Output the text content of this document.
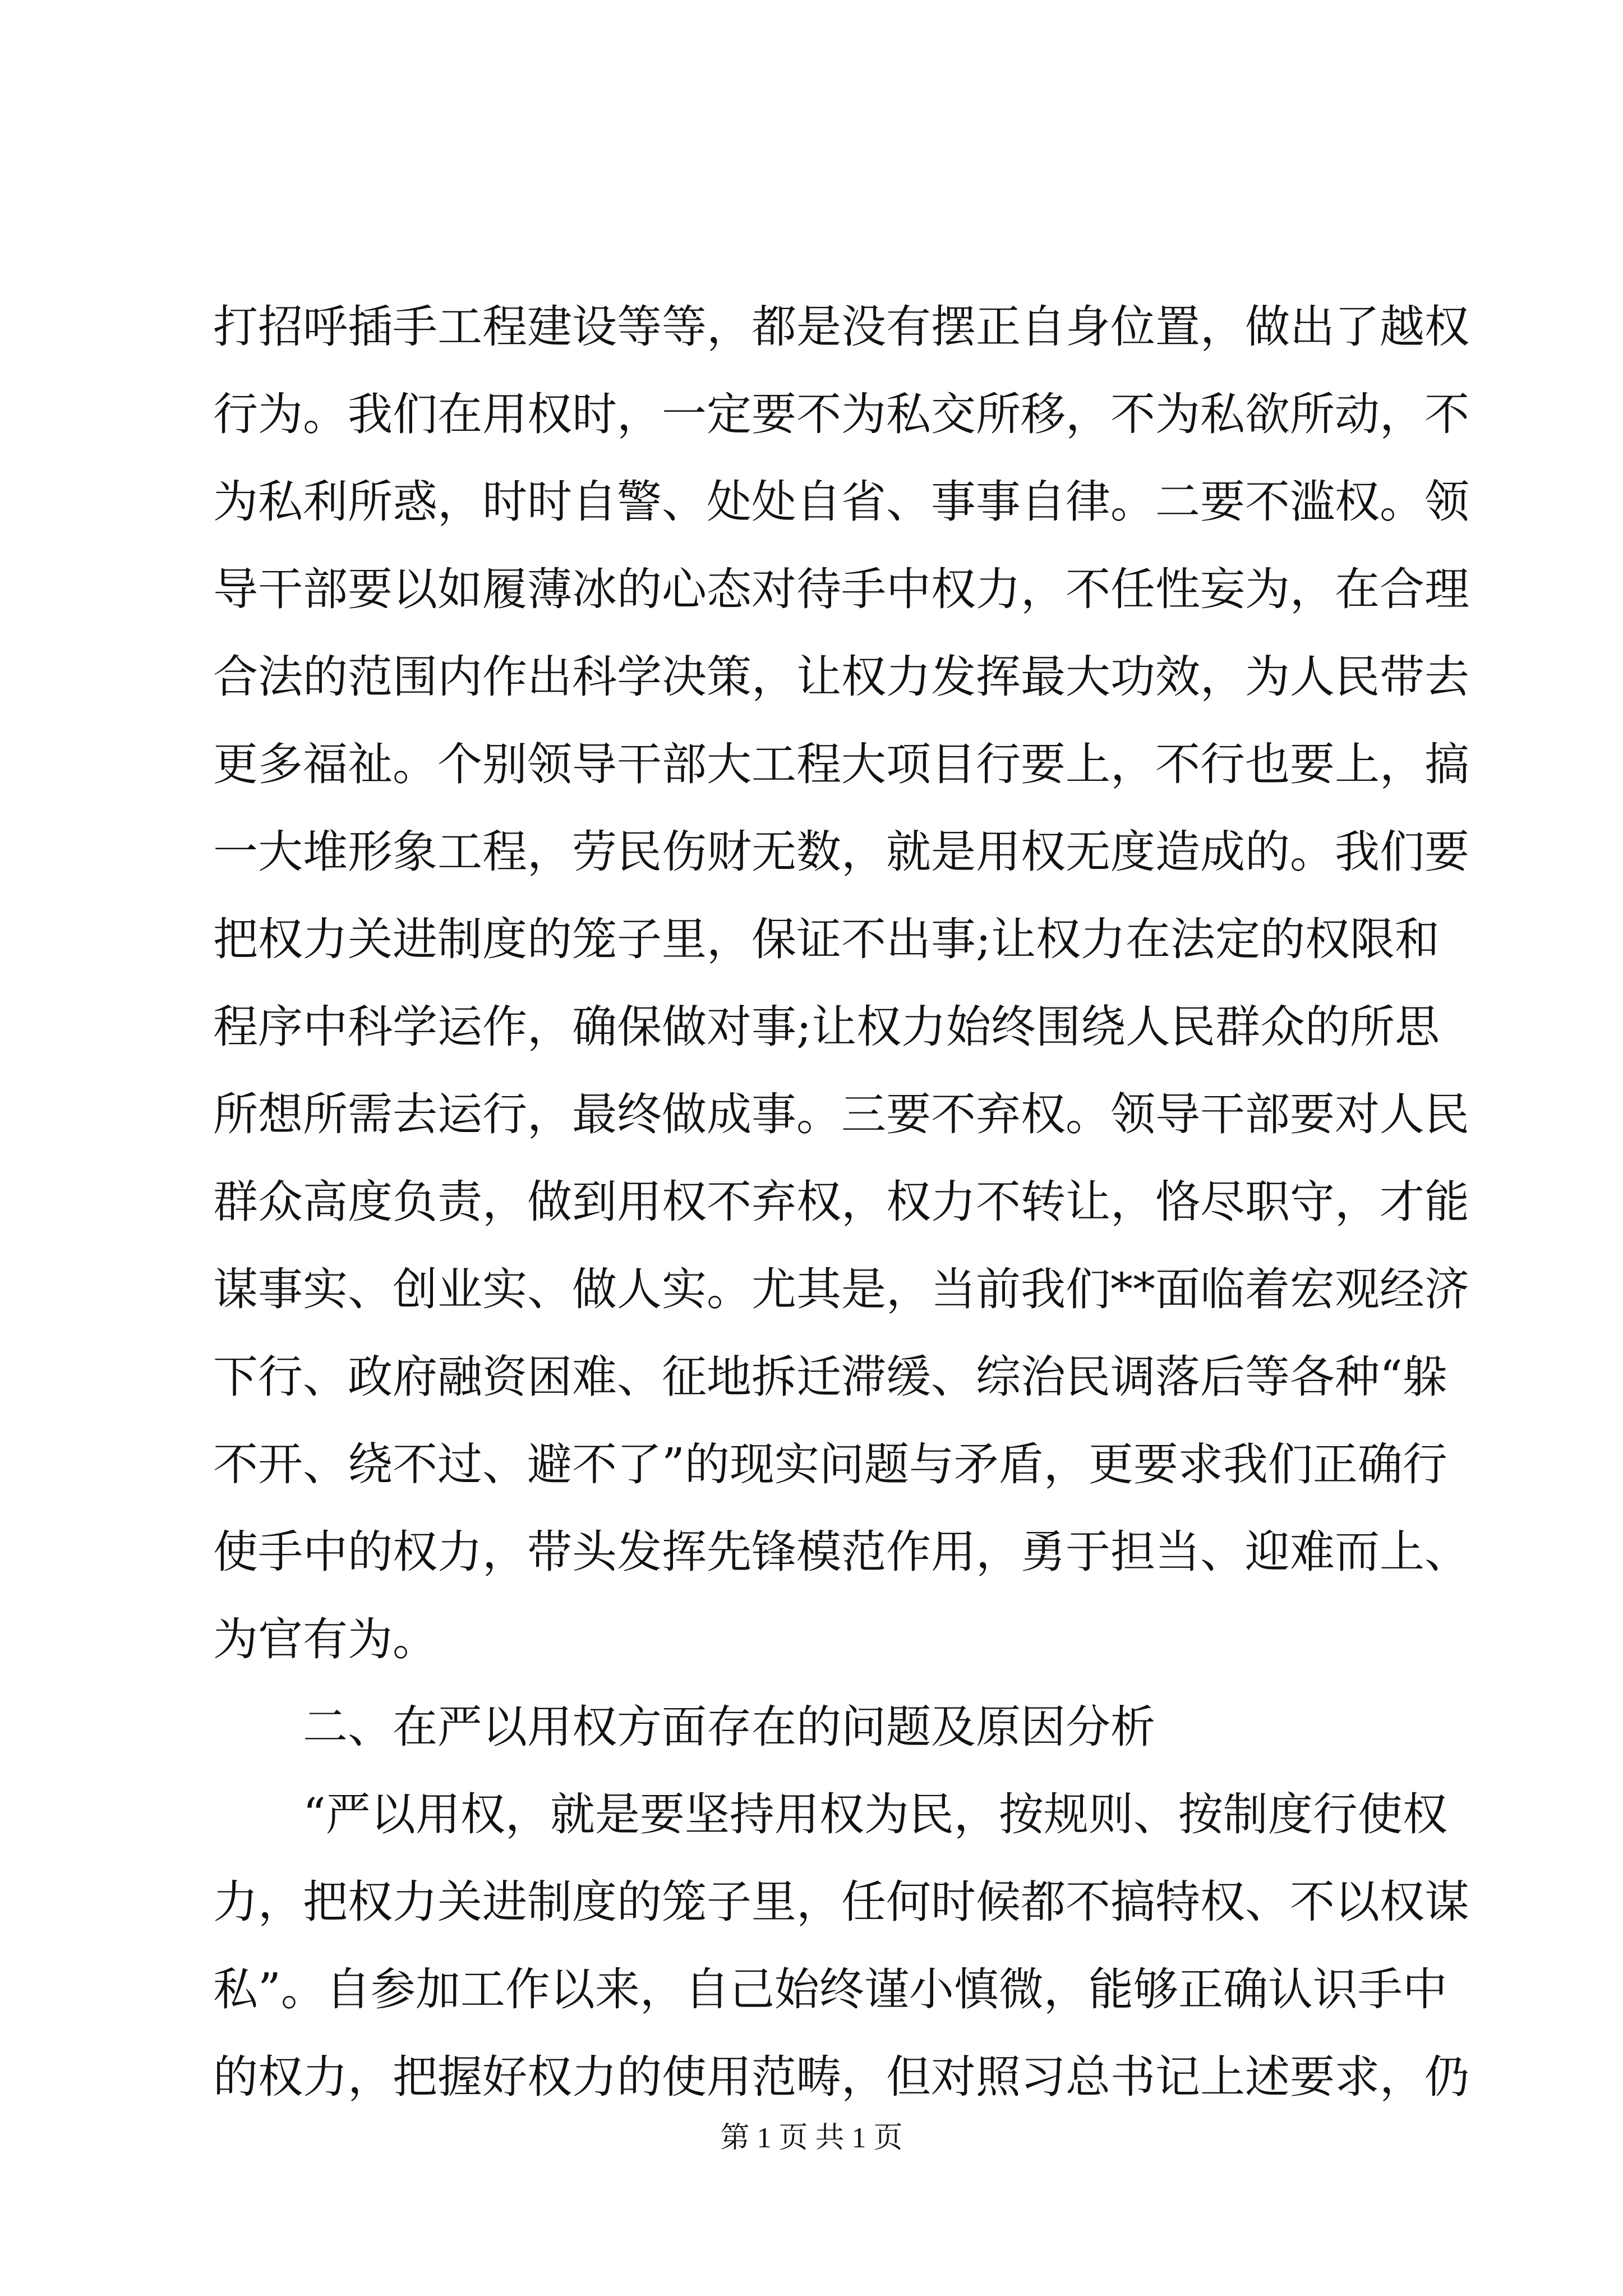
打招呼插手工程建设等等，都是没有摆正自身位置，做出了越权
行为。我们在用权时，一定要不为私交所移，不为私欲所动，不
为私利所惑，时时自警、处处自省、事事自律。二要不滥权。领
导干部要以如履薄冰的心态对待手中权力，不任性妄为，在合理
合法的范围内作出科学决策，让权力发挥最大功效，为人民带去
更多福祉。个别领导干部大工程大项目行要上，不行也要上，搞
一大堆形象工程，劳民伤财无数，就是用权无度造成的。我们要
把权力关进制度的笼子里，保证不出事;让权力在法定的权限和
程序中科学运作，确保做对事;让权力始终围绕人民群众的所思
所想所需去运行，最终做成事。三要不弃权。领导干部要对人民
群众高度负责，做到用权不弃权，权力不转让，恪尽职守，才能
谋事实、创业实、做人实。尤其是，当前我们**面临着宏观经济
下行、政府融资困难、征地拆迁滞缓、综治民调落后等各种“躲
不开、绕不过、避不了”的现实问题与矛盾，更要求我们正确行
使手中的权力，带头发挥先锋模范作用，勇于担当、迎难而上、
为官有为。
二、在严以用权方面存在的问题及原因分析
“严以用权，就是要坚持用权为民，按规则、按制度行使权
力，把权力关进制度的笼子里，任何时候都不搞特权、不以权谋
私”。自参加工作以来，自己始终谨小慎微，能够正确认识手中
的权力，把握好权力的使用范畴，但对照习总书记上述要求，仍
第 1 页 共 1 页
